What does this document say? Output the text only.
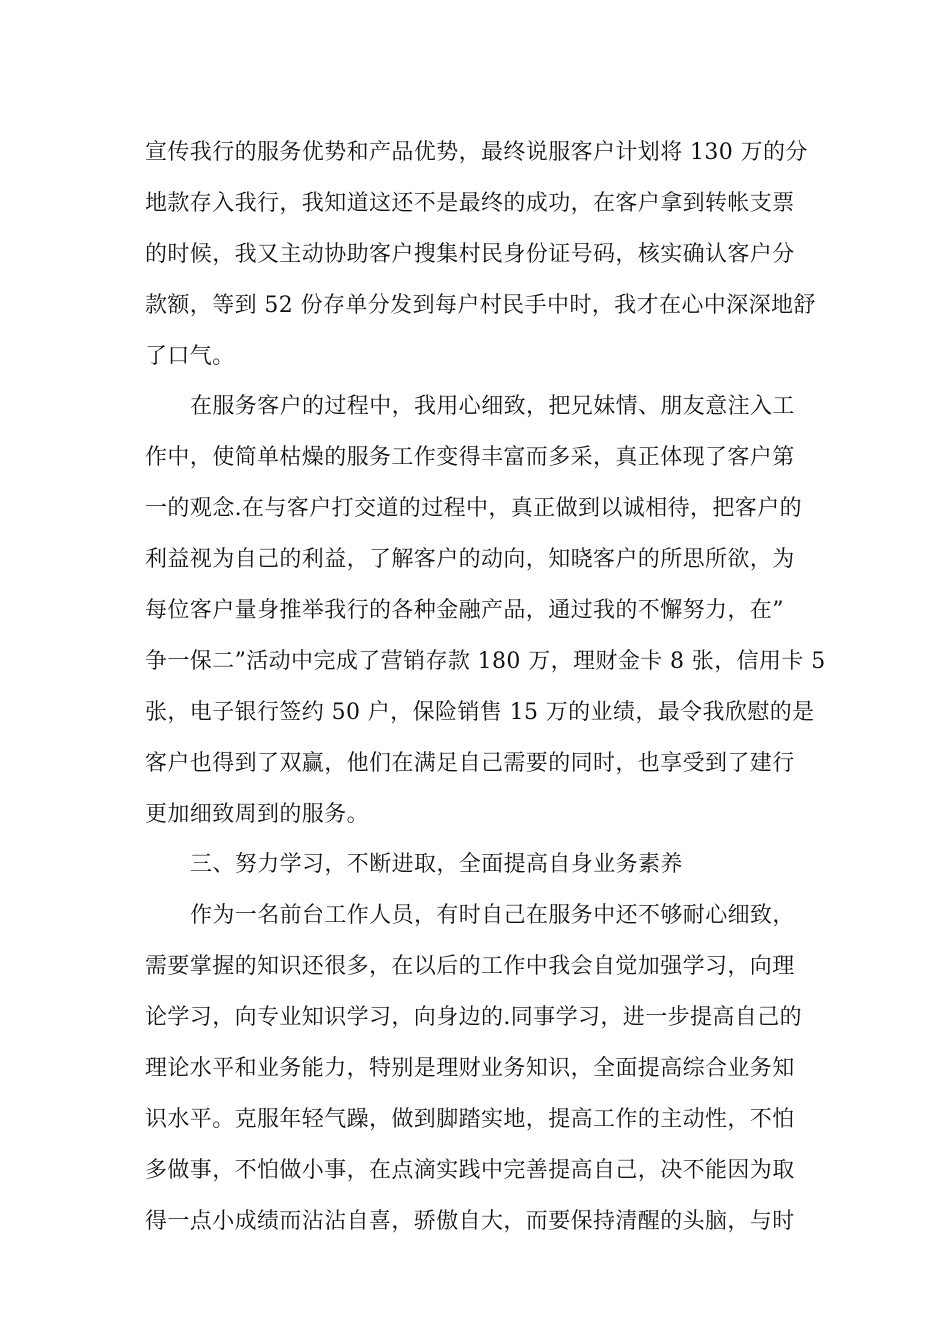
宣传我行的服务优势和产品优势，最终说服客户计划将 130 万的分
地款存入我行，我知道这还不是最终的成功，在客户拿到转帐支票
的时候，我又主动协助客户搜集村民身份证号码，核实确认客户分
款额，等到 52 份存单分发到每户村民手中时，我才在心中深深地舒
了口气。
在服务客户的过程中，我用心细致，把兄妹情、朋友意注入工
作中，使简单枯燥的服务工作变得丰富而多采，真正体现了客户第
一的观念.在与客户打交道的过程中，真正做到以诚相待，把客户的
利益视为自己的利益，了解客户的动向，知晓客户的所思所欲，为
每位客户量身推举我行的各种金融产品，通过我的不懈努力，在”
争一保二”活动中完成了营销存款 180 万，理财金卡 8 张，信用卡 5
张，电子银行签约 50 户，保险销售 15 万的业绩，最令我欣慰的是
客户也得到了双赢，他们在满足自己需要的同时，也享受到了建行
更加细致周到的服务。
三、努力学习，不断进取，全面提高自身业务素养
作为一名前台工作人员，有时自己在服务中还不够耐心细致，
需要掌握的知识还很多，在以后的工作中我会自觉加强学习，向理
论学习，向专业知识学习，向身边的.同事学习，进一步提高自己的
理论水平和业务能力，特别是理财业务知识，全面提高综合业务知
识水平。克服年轻气躁，做到脚踏实地，提高工作的主动性，不怕
多做事，不怕做小事，在点滴实践中完善提高自己，决不能因为取
得一点小成绩而沾沾自喜，骄傲自大，而要保持清醒的头脑，与时
